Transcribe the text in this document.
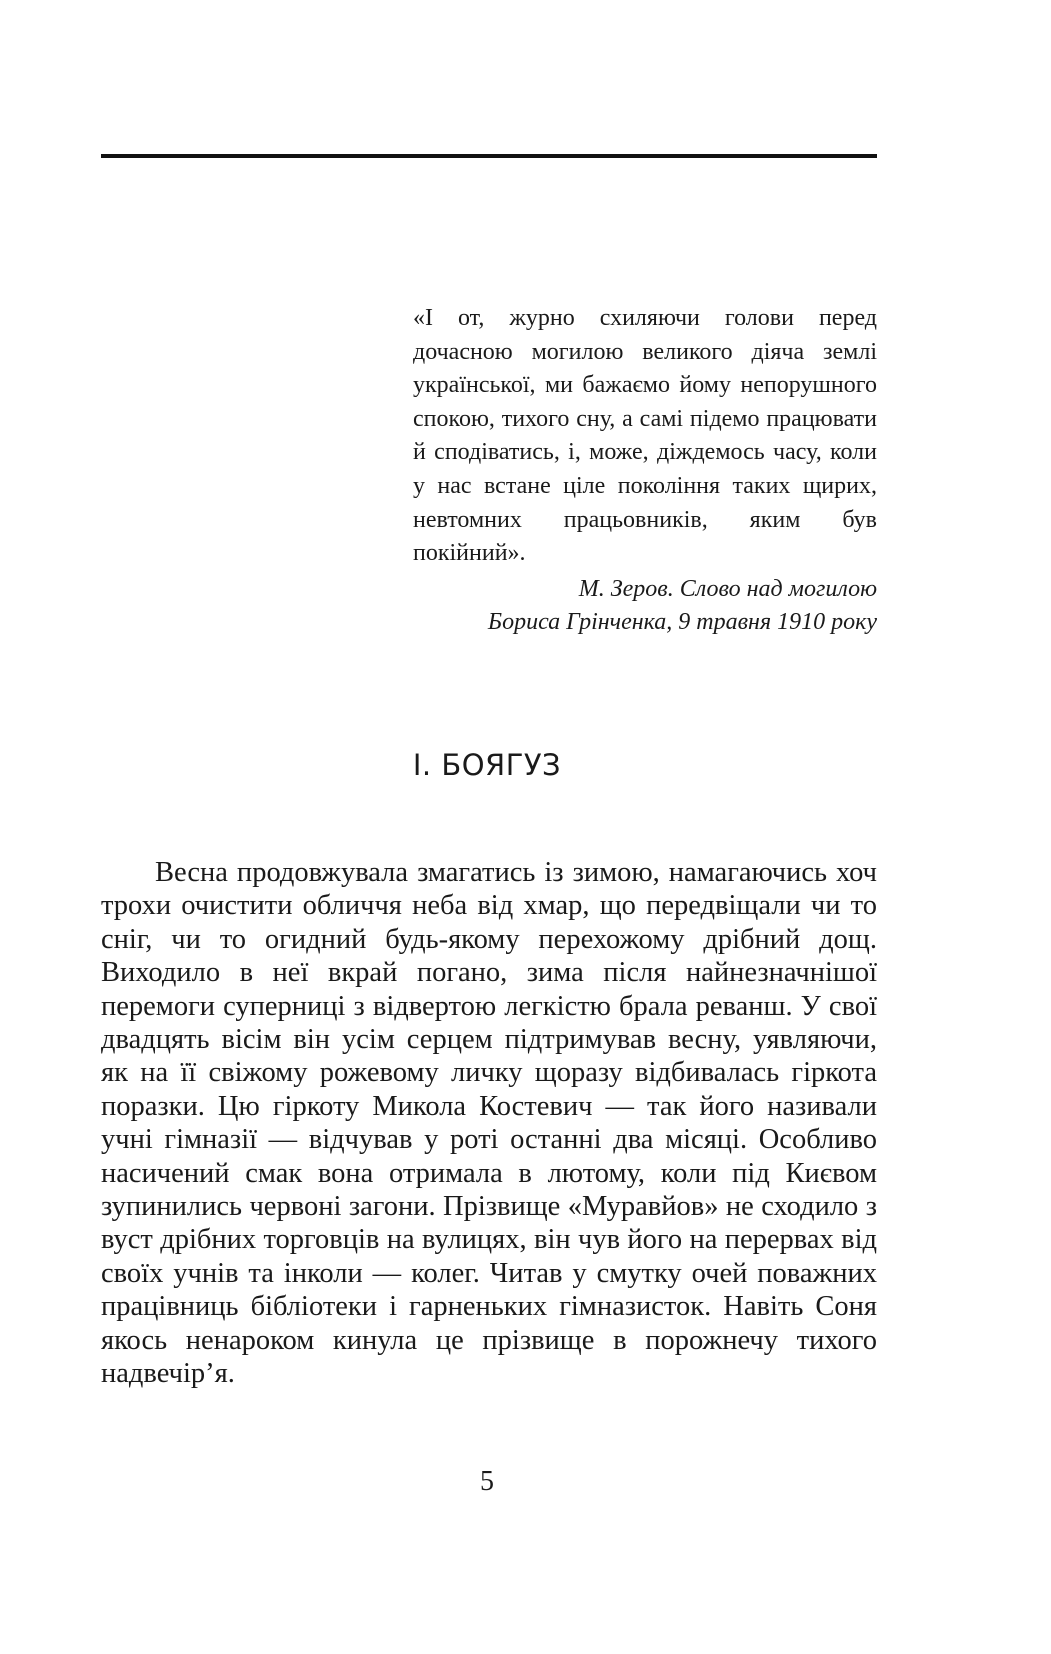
«І от, журно схиляючи голови перед дочасною могилою великого діяча землі української, ми бажаємо йому непорушного спокою, тихого сну, а самі підемо працювати й сподіватись, і, може, діждемось часу, коли у нас встане ціле покоління таких щирих, невтомних працьовників, яким був покійний».

М. Зеров. Слово над могилою
Бориса Грінченка, 9 травня 1910 року

І. БОЯГУЗ

Весна продовжувала змагатись із зимою, намагаючись хоч трохи очистити обличчя неба від хмар, що передвіщали чи то сніг, чи то огидний будь-якому перехожому дрібний дощ. Виходило в неї вкрай погано, зима після найнезначнішої перемоги суперниці з відвертою легкістю брала реванш. У свої двадцять вісім він усім серцем підтримував весну, уявляючи, як на її свіжому рожевому личку щоразу відбивалась гіркота поразки. Цю гіркоту Микола Костевич — так його називали учні гімназії — відчував у роті останні два місяці. Особливо насичений смак вона отримала в лютому, коли під Києвом зупинились червоні загони. Прізвище «Муравйов» не сходило з вуст дрібних торговців на вулицях, він чув його на перервах від своїх учнів та інколи — колег. Читав у смутку очей поважних працівниць бібліотеки і гарненьких гімназисток. Навіть Соня якось ненароком кинула це прізвище в порожнечу тихого надвечір’я.

5
